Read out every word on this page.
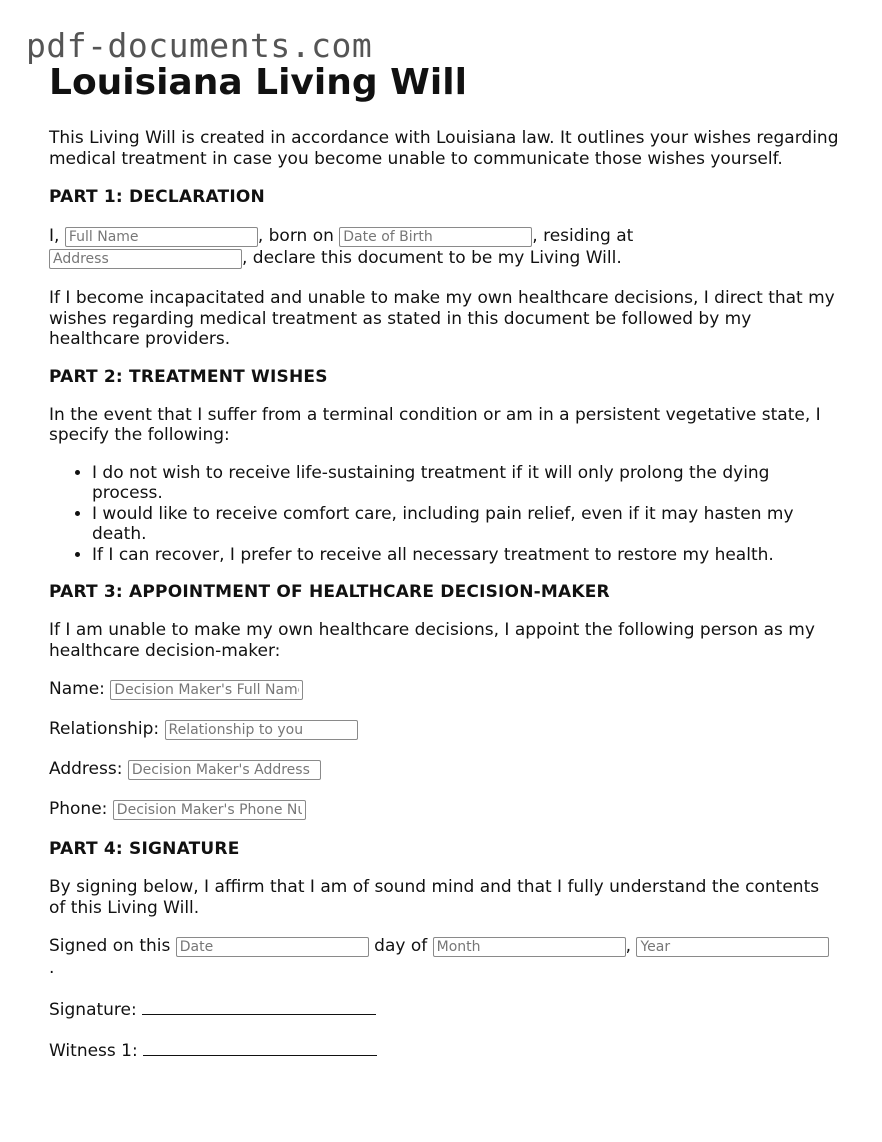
pdf-documents.com
Louisiana Living Will

This Living Will is created in accordance with Louisiana law. It outlines your wishes regarding medical treatment in case you become unable to communicate those wishes yourself.

PART 1: DECLARATION

I, Full Name	, born on Date of Birth	, residing at
Address, declare this document to be my Living Will.

If I become incapacitated and unable to make my own healthcare decisions, I direct that my wishes regarding medical treatment as stated in this document be followed by my healthcare providers.

PART 2: TREATMENT WISHES

In the event that I suffer from a terminal condition or am in a persistent vegetative state, I specify the following:

• I do not wish to receive life-sustaining treatment if it will only prolong the dying process.
• I would like to receive comfort care, including pain relief, even if it may hasten my death.
• If I can recover, I prefer to receive all necessary treatment to restore my health.
PART 3: APPOINTMENT OF HEALTHCARE DECISION-MAKER

If I am unable to make my own healthcare decisions, I appoint the following person as my healthcare decision-maker:

Name: Decision Maker's Full Name

Relationship: Relationship to you

Address: Decision Maker's Address

Phone: Decision Maker's Phone Number

PART 4: SIGNATURE

By signing below, I affirm that I am of sound mind and that I fully understand the contents of this Living Will.

Signed on this Date	day of Month	, Year
.

Signature:

Witness 1:
